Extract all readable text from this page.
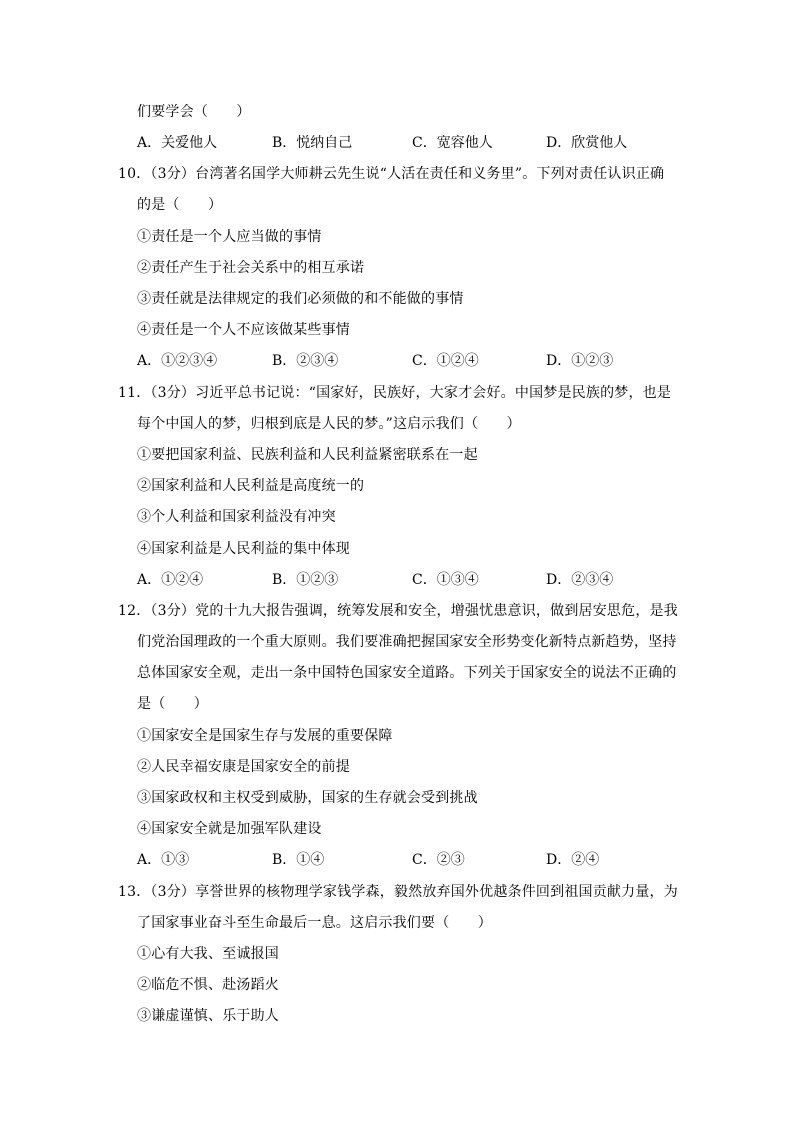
们要学会（　　）
A．关爱他人	B．悦纳自己	C．宽容他人	D．欣赏他人
10．（3分）台湾著名国学大师耕云先生说“人活在责任和义务里”。下列对责任认识正确
的是（　　）
①责任是一个人应当做的事情
②责任产生于社会关系中的相互承诺
③责任就是法律规定的我们必须做的和不能做的事情
④责任是一个人不应该做某些事情
A．①②③④	B．②③④	C．①②④	D．①②③
11．（3分）习近平总书记说：“国家好，民族好，大家才会好。中国梦是民族的梦，也是
每个中国人的梦，归根到底是人民的梦。”这启示我们（　　）
①要把国家利益、民族利益和人民利益紧密联系在一起
②国家利益和人民利益是高度统一的
③个人利益和国家利益没有冲突
④国家利益是人民利益的集中体现
A．①②④	B．①②③	C．①③④	D．②③④
12．（3分）党的十九大报告强调，统筹发展和安全，增强忧患意识，做到居安思危，是我
们党治国理政的一个重大原则。我们要准确把握国家安全形势变化新特点新趋势，坚持
总体国家安全观，走出一条中国特色国家安全道路。下列关于国家安全的说法不正确的
是（　　）
①国家安全是国家生存与发展的重要保障
②人民幸福安康是国家安全的前提
③国家政权和主权受到威胁，国家的生存就会受到挑战
④国家安全就是加强军队建设
A．①③	B．①④	C．②③	D．②④
13．（3分）享誉世界的核物理学家钱学森，毅然放弃国外优越条件回到祖国贡献力量，为
了国家事业奋斗至生命最后一息。这启示我们要（　　）
①心有大我、至诚报国
②临危不惧、赴汤蹈火
③谦虚谨慎、乐于助人
